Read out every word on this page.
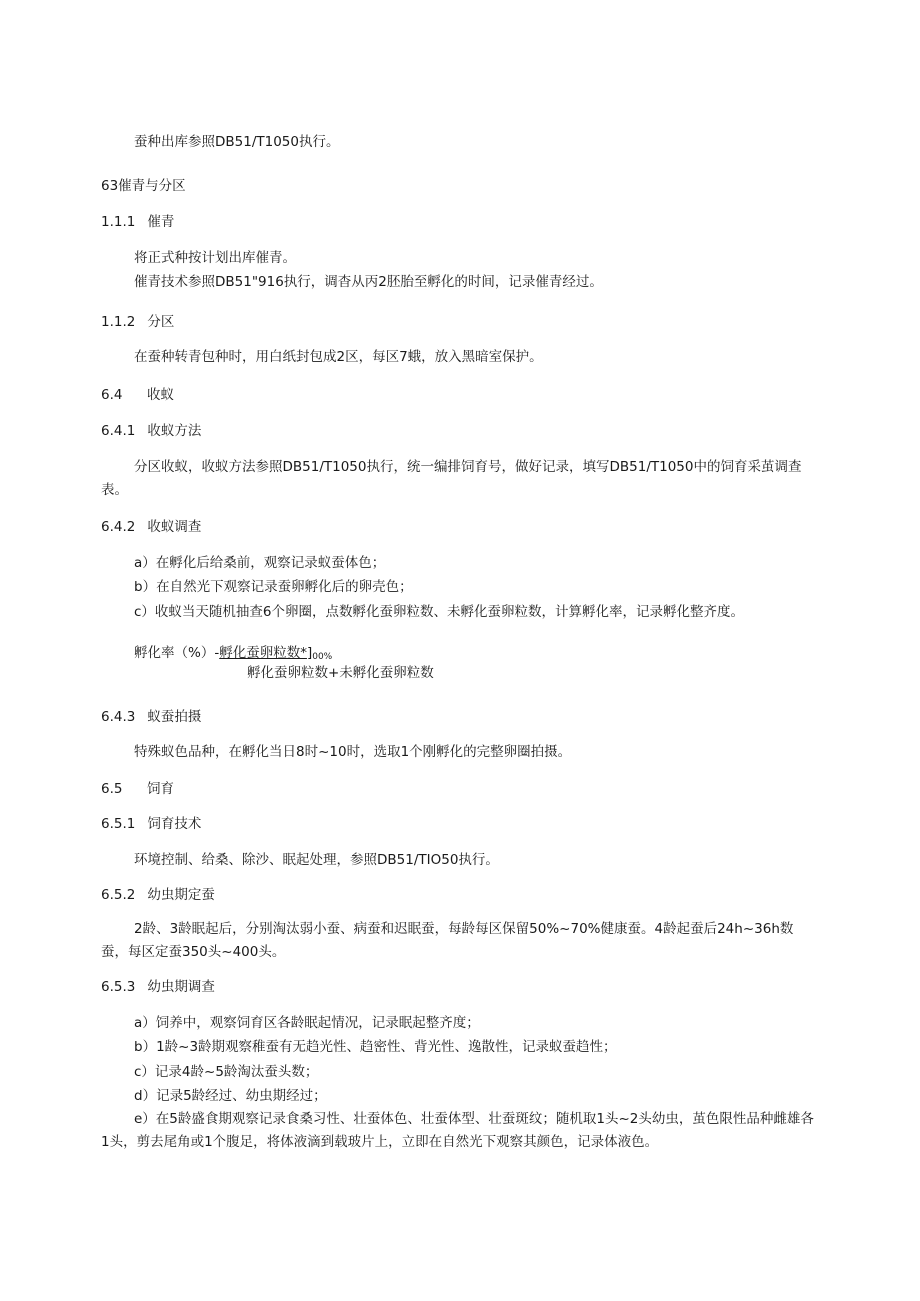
蚕种出库参照DB51/T1050执行。
63催青与分区
1.1.1 催青
将正式种按计划出库催青。
催青技术参照DB51"916执行，调杳从丙2胚胎至孵化的时间，记录催青经过。
1.1.2 分区
在蚕种转青包种时，用白纸封包成2区，每区7蛾，放入黑暗室保护。
6.4 收蚁
6.4.1 收蚁方法
分区收蚁，收蚁方法参照DB51/T1050执行，统一编排饲育号，做好记录，填写DB51/T1050中的饲育采茧调查表。
6.4.2 收蚁调查
a）在孵化后给桑前，观察记录蚁蚕体色；
b）在自然光下观察记录蚕卵孵化后的卵壳色；
c）收蚁当天随机抽查6个卵圈，点数孵化蚕卵粒数、未孵化蚕卵粒数，计算孵化率，记录孵化整齐度。
孵化率（%）-孵化蚕卵粒数$*]_{00\%}$
孵化蚕卵粒数+未孵化蚕卵粒数
6.4.3 蚁蚕拍摄
特殊蚁色品种，在孵化当日8时~10时，选取1个刚孵化的完整卵圈拍摄。
6.5 饲育
6.5.1 饲育技术
环境控制、给桑、除沙、眠起处理，参照DB51∕TIO50执行。
6.5.2 幼虫期定蚕
2龄、3龄眠起后，分别淘汰弱小蚕、病蚕和迟眠蚕，每龄每区保留50%~70%健康蚕。4龄起蚕后24h~36h数蚕，每区定蚕350头~400头。
6.5.3 幼虫期调查
a）饲养中，观察饲育区各龄眠起情况，记录眠起整齐度；
b）1龄~3龄期观察稚蚕有无趋光性、趋密性、背光性、逸散性，记录蚁蚕趋性；
c）记录4龄~5龄淘汰蚕头数；
d）记录5龄经过、幼虫期经过；
e）在5龄盛食期观察记录食桑习性、壮蚕体色、壮蚕体型、壮蚕斑纹；随机取1头~2头幼虫，茧色限性品种雌雄各1头，剪去尾角或1个腹足，将体液滴到载玻片上，立即在自然光下观察其颜色，记录体液色。
